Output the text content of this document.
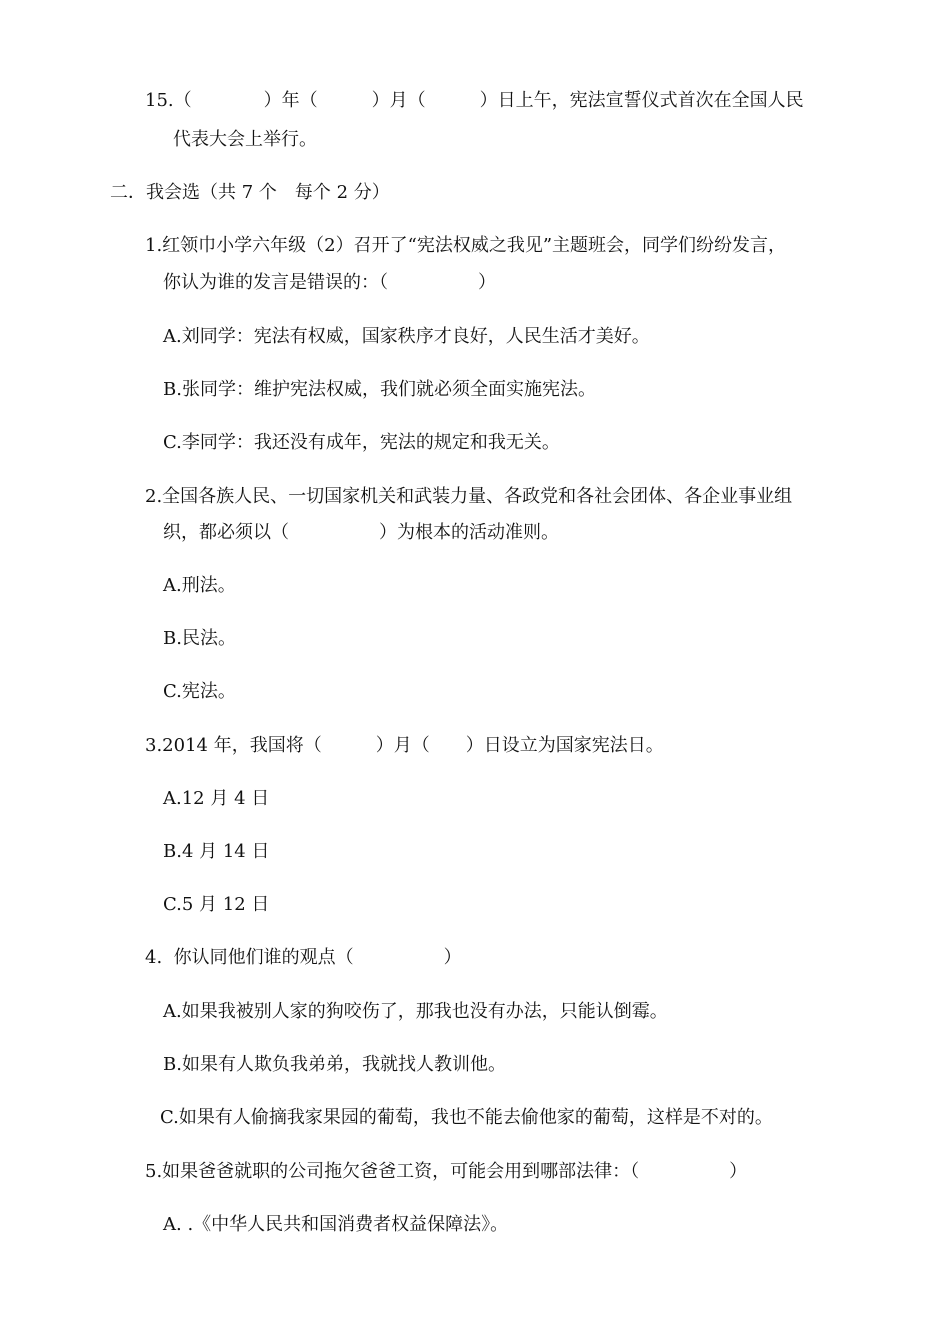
15.（　　　　）年（　　　）月（　　　）日上午，宪法宣誓仪式首次在全国人民
代表大会上举行。
二．我会选（共 7 个　每个 2 分）
1.红领巾小学六年级（2）召开了“宪法权威之我见”主题班会，同学们纷纷发言，
你认为谁的发言是错误的：（　　　　　）
A.刘同学：宪法有权威，国家秩序才良好，人民生活才美好。
B.张同学：维护宪法权威，我们就必须全面实施宪法。
C.李同学：我还没有成年，宪法的规定和我无关。
2.全国各族人民、一切国家机关和武装力量、各政党和各社会团体、各企业事业组
织，都必须以（　　　　　）为根本的活动准则。
A.刑法。
B.民法。
C.宪法。
3.2014 年，我国将（　　　）月（　　）日设立为国家宪法日。
A.12 月 4 日
B.4 月 14 日
C.5 月 12 日
4.  你认同他们谁的观点（　　　　　）
A.如果我被别人家的狗咬伤了，那我也没有办法，只能认倒霉。
B.如果有人欺负我弟弟，我就找人教训他。
C.如果有人偷摘我家果园的葡萄，我也不能去偷他家的葡萄，这样是不对的。
5.如果爸爸就职的公司拖欠爸爸工资，可能会用到哪部法律：（　　　　　）
A. .《中华人民共和国消费者权益保障法》。
